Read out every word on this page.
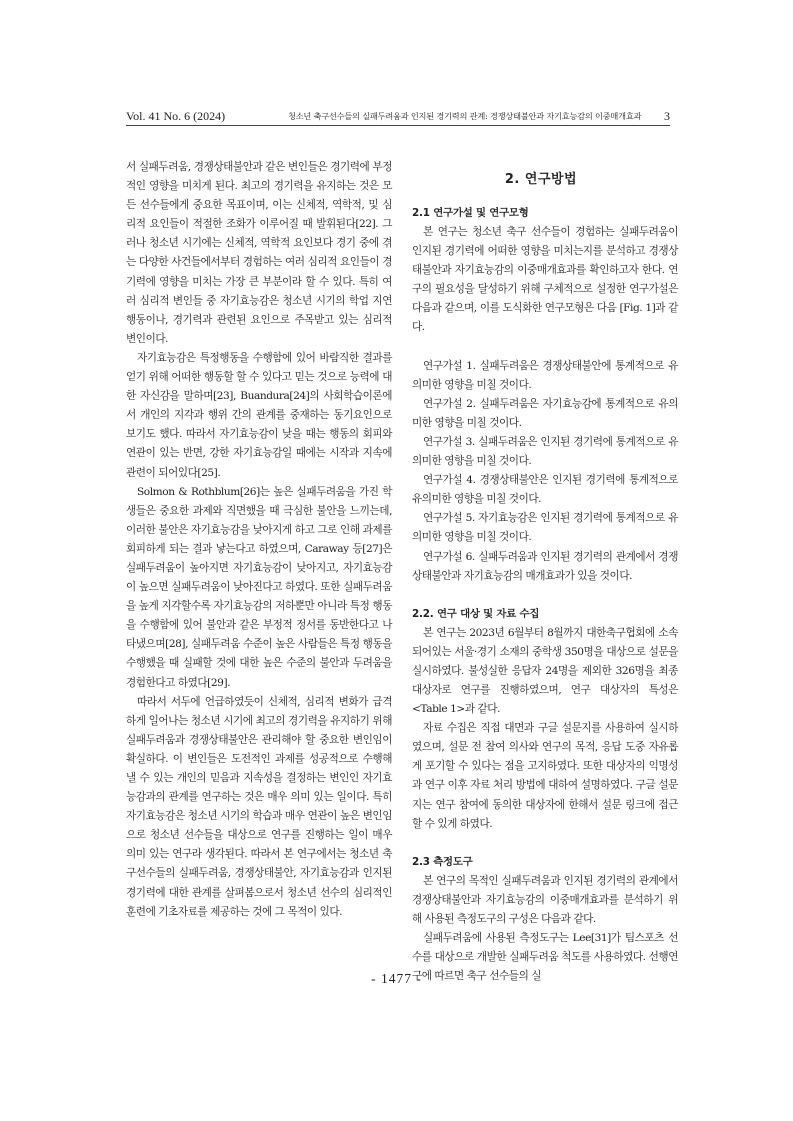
Vol. 41 No. 6 (2024)	청소년 축구선수들의 실패두려움과 인지된 경기력의 관계: 경쟁상태불안과 자기효능감의 이중매개효과 3

서 실패두려움, 경쟁상태불안과 같은 변인들은 경기력에 부정적인 영향을 미치게 된다. 최고의 경기력을 유지하는 것은 모든 선수들에게 중요한 목표이며, 이는 신체적, 역학적, 및 심리적 요인들이 적절한 조화가 이루어질 때 발휘된다[22]. 그러나 청소년 시기에는 신체적, 역학적 요인보다 경기 중에 겪는 다양한 사건들에서부터 경험하는 여러 심리적 요인들이 경기력에 영향을 미치는 가장 큰 부분이라 할 수 있다. 특히 여러 심리적 변인들 중 자기효능감은 청소년 시기의 학업 지연 행동이나, 경기력과 관련된 요인으로 주목받고 있는 심리적 변인이다.

자기효능감은 특정행동을 수행함에 있어 바람직한 결과를 얻기 위해 어떠한 행동할 할 수 있다고 믿는 것으로 능력에 대한 자신감을 말하며[23], Buandura[24]의 사회학습이론에서 개인의 지각과 행위 간의 관계를 중재하는 동기요인으로 보기도 했다. 따라서 자기효능감이 낮을 때는 행동의 회피와 연관이 있는 반면, 강한 자기효능감일 때에는 시작과 지속에 관련이 되어있다[25].

Solmon & Rothblum[26]는 높은 실패두려움을 가진 학생들은 중요한 과제와 직면했을 때 극심한 불안을 느끼는데, 이러한 불안은 자기효능감을 낮아지게 하고 그로 인해 과제를 회피하게 되는 결과 낳는다고 하였으며, Caraway 등[27]은 실패두려움이 높아지면 자기효능감이 낮아지고, 자기효능감이 높으면 실패두려움이 낮아진다고 하였다. 또한 실패두려움을 높게 지각할수록 자기효능감의 저하뿐만 아니라 특정 행동을 수행함에 있어 불안과 같은 부정적 정서를 동반한다고 나타냈으며[28], 실패두려움 수준이 높은 사람들은 특정 행동을 수행했을 때 실패할 것에 대한 높은 수준의 불안과 두려움을 경험한다고 하였다[29].

따라서 서두에 언급하였듯이 신체적, 심리적 변화가 급격하게 일어나는 청소년 시기에 최고의 경기력을 유지하기 위해 실패두려움과 경쟁상태불안은 관리해야 할 중요한 변인임이 확실하다. 이 변인들은 도전적인 과제를 성공적으로 수행해 낼 수 있는 개인의 믿음과 지속성을 결정하는 변인인 자기효능감과의 관계를 연구하는 것은 매우 의미 있는 일이다. 특히 자기효능감은 청소년 시기의 학습과 매우 연관이 높은 변인임으로 청소년 선수들을 대상으로 연구를 진행하는 일이 매우 의미 있는 연구라 생각된다. 따라서 본 연구에서는 청소년 축구선수들의 실패두려움, 경쟁상태불안, 자기효능감과 인지된 경기력에 대한 관계를 살펴봄으로서 청소년 선수의 심리적인 훈련에 기초자료를 제공하는 것에 그 목적이 있다.

2. 연구방법
2.1 연구가설 및 연구모형

본 연구는 청소년 축구 선수들이 경험하는 실패두려움이 인지된 경기력에 어떠한 영향을 미치는지를 분석하고 경쟁상태불안과 자기효능감의 이중매개효과를 확인하고자 한다. 연구의 필요성을 달성하기 위해 구체적으로 설정한 연구가설은 다음과 같으며, 이를 도식화한 연구모형은 다음 [Fig. 1]과 같다.

연구가설 1. 실패두려움은 경쟁상태불안에 통계적으로 유의미한 영향을 미칠 것이다.

연구가설 2. 실패두려움은 자기효능감에 통계적으로 유의미한 영향을 미칠 것이다.

연구가설 3. 실패두려움은 인지된 경기력에 통계적으로 유의미한 영향을 미칠 것이다.

연구가설 4. 경쟁상태불안은 인지된 경기력에 통계적으로 유의미한 영향을 미칠 것이다.

연구가설 5. 자기효능감은 인지된 경기력에 통계적으로 유의미한 영향을 미칠 것이다.

연구가설 6. 실패두려움과 인지된 경기력의 관계에서 경쟁상태불안과 자기효능감의 매개효과가 있을 것이다.

2.2. 연구 대상 및 자료 수집

본 연구는 2023년 6월부터 8월까지 대한축구협회에 소속되어있는 서울·경기 소재의 중학생 350명을 대상으로 설문을 실시하였다. 불성실한 응답자 24명을 제외한 326명을 최종 대상자로 연구를 진행하였으며, 연구 대상자의 특성은 <Table 1>과 같다.

자료 수집은 직접 대면과 구글 설문지를 사용하여 실시하였으며, 설문 전 참여 의사와 연구의 목적, 응답 도중 자유롭게 포기할 수 있다는 점을 고지하였다. 또한 대상자의 익명성과 연구 이후 자료 처리 방법에 대하여 설명하였다. 구글 설문지는 연구 참여에 동의한 대상자에 한해서 설문 링크에 접근할 수 있게 하였다.

2.3 측정도구

본 연구의 목적인 실패두려움과 인지된 경기력의 관계에서 경쟁상태불안과 자기효능감의 이중매개효과를 분석하기 위해 사용된 측정도구의 구성은 다음과 같다.

실패두려움에 사용된 측정도구는 Lee[31]가 팀스포츠 선수를 대상으로 개발한 실패두려움 척도를 사용하였다. 선행연구에 따르면 축구 선수들의 실

- 1477 -
